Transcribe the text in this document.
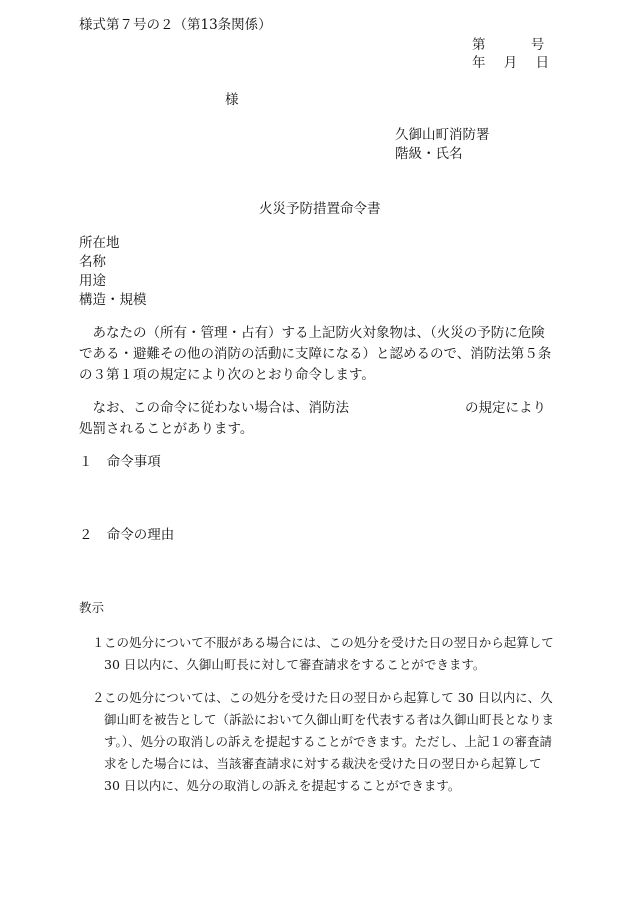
様式第７号の２（第13条関係）
第	号
年 月 日
様
久御山町消防署
階級・氏名
火災予防措置命令書
所在地
名称
用途
構造・規模

あなたの（所有・管理・占有）する上記防火対象物は、（火災の予防に危険である・避難その他の消防の活動に支障になる）と認めるので、消防法第５条の３第１項の規定により次のとおり命令します。

なお、この命令に従わない場合は、消防法	の規定により処罰されることがあります。

１ 命令事項
２ 命令の理由
教示
１ この処分について不服がある場合には、この処分を受けた日の翌日から起算して 30 日以内に、久御山町長に対して審査請求をすることができます。
２ この処分については、この処分を受けた日の翌日から起算して 30 日以内に、久御山町を被告として（訴訟において久御山町を代表する者は久御山町長となります。）、処分の取消しの訴えを提起することができます。ただし、上記１の審査請求をした場合には、当該審査請求に対する裁決を受けた日の翌日から起算して 30 日以内に、処分の取消しの訴えを提起することができます。
